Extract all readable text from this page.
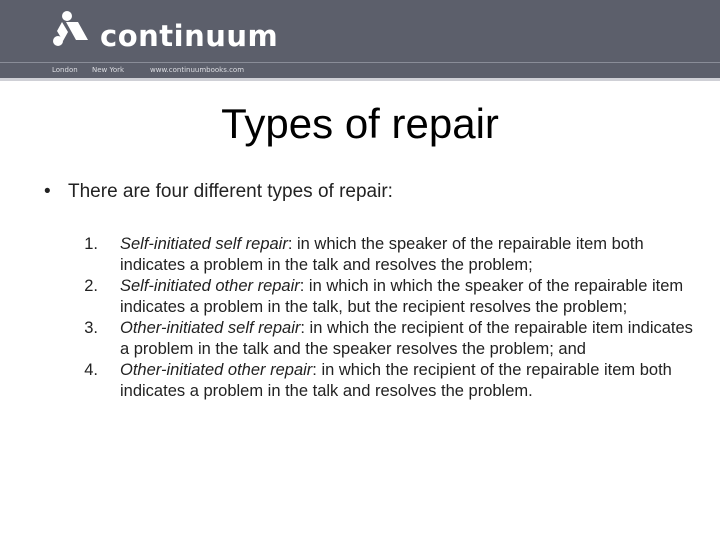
continuum
London New York	www.continuumbooks.com
Types of repair
• There are four different types of repair:
1. Self-initiated self repair: in which the speaker of the repairable item both indicates a problem in the talk and resolves the problem;
2. Self-initiated other repair: in which in which the speaker of the repairable item indicates a problem in the talk, but the recipient resolves the problem;
3. Other-initiated self repair: in which the recipient of the repairable item indicates a problem in the talk and the speaker resolves the problem; and
4. Other-initiated other repair: in which the recipient of the repairable item both indicates a problem in the talk and resolves the problem.
